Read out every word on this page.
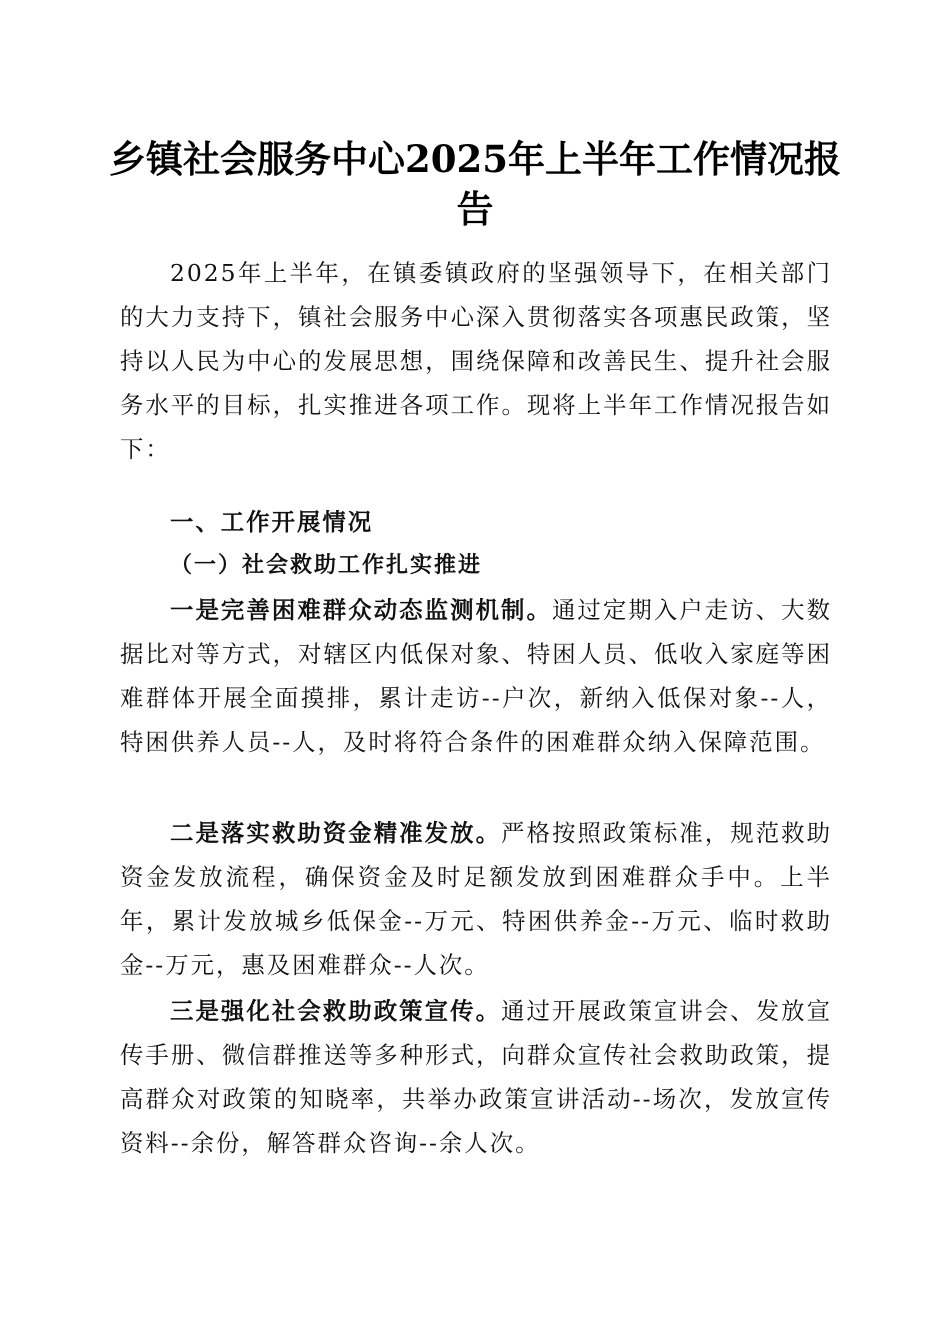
乡镇社会服务中心2025年上半年工作情况报告

2025年上半年，在镇委镇政府的坚强领导下，在相关部门的大力支持下，镇社会服务中心深入贯彻落实各项惠民政策，坚持以人民为中心的发展思想，围绕保障和改善民生、提升社会服务水平的目标，扎实推进各项工作。现将上半年工作情况报告如下：

一、工作开展情况
（一）社会救助工作扎实推进

一是完善困难群众动态监测机制。通过定期入户走访、大数据比对等方式，对辖区内低保对象、特困人员、低收入家庭等困难群体开展全面摸排，累计走访--户次，新纳入低保对象--人，特困供养人员--人，及时将符合条件的困难群众纳入保障范围。

二是落实救助资金精准发放。严格按照政策标准，规范救助资金发放流程，确保资金及时足额发放到困难群众手中。上半年，累计发放城乡低保金--万元、特困供养金--万元、临时救助金--万元，惠及困难群众--人次。

三是强化社会救助政策宣传。通过开展政策宣讲会、发放宣传手册、微信群推送等多种形式，向群众宣传社会救助政策，提高群众对政策的知晓率，共举办政策宣讲活动--场次，发放宣传资料--余份，解答群众咨询--余人次。
